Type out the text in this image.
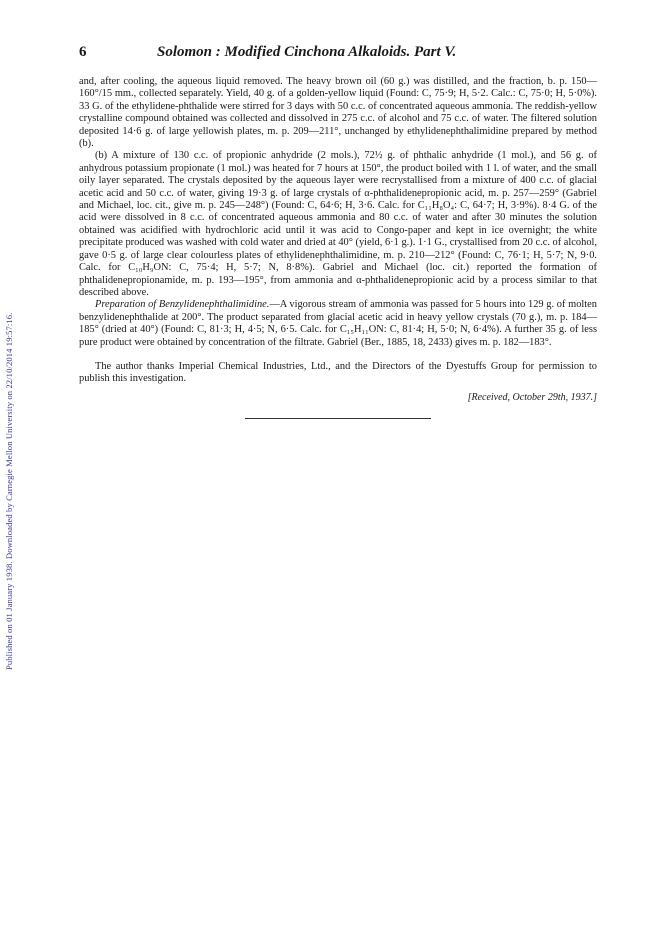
Published on 01 January 1938. Downloaded by Carnegie Mellon University on 22/10/2014 19:57:16.
6	Solomon : Modified Cinchona Alkaloids. Part V.

and, after cooling, the aqueous liquid removed. The heavy brown oil (60 g.) was distilled, and the fraction, b. p. 150—160°/15 mm., collected separately. Yield, 40 g. of a golden-yellow liquid (Found: C, 75·9; H, 5·2. Calc.: C, 75·0; H, 5·0%). 33 G. of the ethylidene-phthalide were stirred for 3 days with 50 c.c. of concentrated aqueous ammonia. The reddish-yellow crystalline compound obtained was collected and dissolved in 275 c.c. of alcohol and 75 c.c. of water. The filtered solution deposited 14·6 g. of large yellowish plates, m. p. 209—211°, unchanged by ethylidenephthalimidine prepared by method (b).

(b) A mixture of 130 c.c. of propionic anhydride (2 mols.), 72½ g. of phthalic anhydride (1 mol.), and 56 g. of anhydrous potassium propionate (1 mol.) was heated for 7 hours at 150°, the product boiled with 1 l. of water, and the small oily layer separated. The crystals deposited by the aqueous layer were recrystallised from a mixture of 400 c.c. of glacial acetic acid and 50 c.c. of water, giving 19·3 g. of large crystals of α-phthalidenepropionic acid, m. p. 257—259° (Gabriel and Michael, loc. cit., give m. p. 245—248°) (Found: C, 64·6; H, 3·6. Calc. for C₁₁H₈O₄: C, 64·7; H, 3·9%). 8·4 G. of the acid were dissolved in 8 c.c. of concentrated aqueous ammonia and 80 c.c. of water and after 30 minutes the solution obtained was acidified with hydrochloric acid until it was acid to Congo-paper and kept in ice overnight; the white precipitate produced was washed with cold water and dried at 40° (yield, 6·1 g.). 1·1 G., crystallised from 20 c.c. of alcohol, gave 0·5 g. of large clear colourless plates of ethylidenephthalimidine, m. p. 210—212° (Found: C, 76·1; H, 5·7; N, 9·0. Calc. for C₁₀H₉ON: C, 75·4; H, 5·7; N, 8·8%). Gabriel and Michael (loc. cit.) reported the formation of phthalidenepropionamide, m. p. 193—195°, from ammonia and α-phthalidenepropionic acid by a process similar to that described above.

Preparation of Benzylidenephthalimidine.—A vigorous stream of ammonia was passed for 5 hours into 129 g. of molten benzylidenephthalide at 200°. The product separated from glacial acetic acid in heavy yellow crystals (70 g.), m. p. 184—185° (dried at 40°) (Found: C, 81·3; H, 4·5; N, 6·5. Calc. for C₁₅H₁₁ON: C, 81·4; H, 5·0; N, 6·4%). A further 35 g. of less pure product were obtained by concentration of the filtrate. Gabriel (Ber., 1885, 18, 2433) gives m. p. 182—183°.

The author thanks Imperial Chemical Industries, Ltd., and the Directors of the Dyestuffs Group for permission to publish this investigation.

[Received, October 29th, 1937.]
